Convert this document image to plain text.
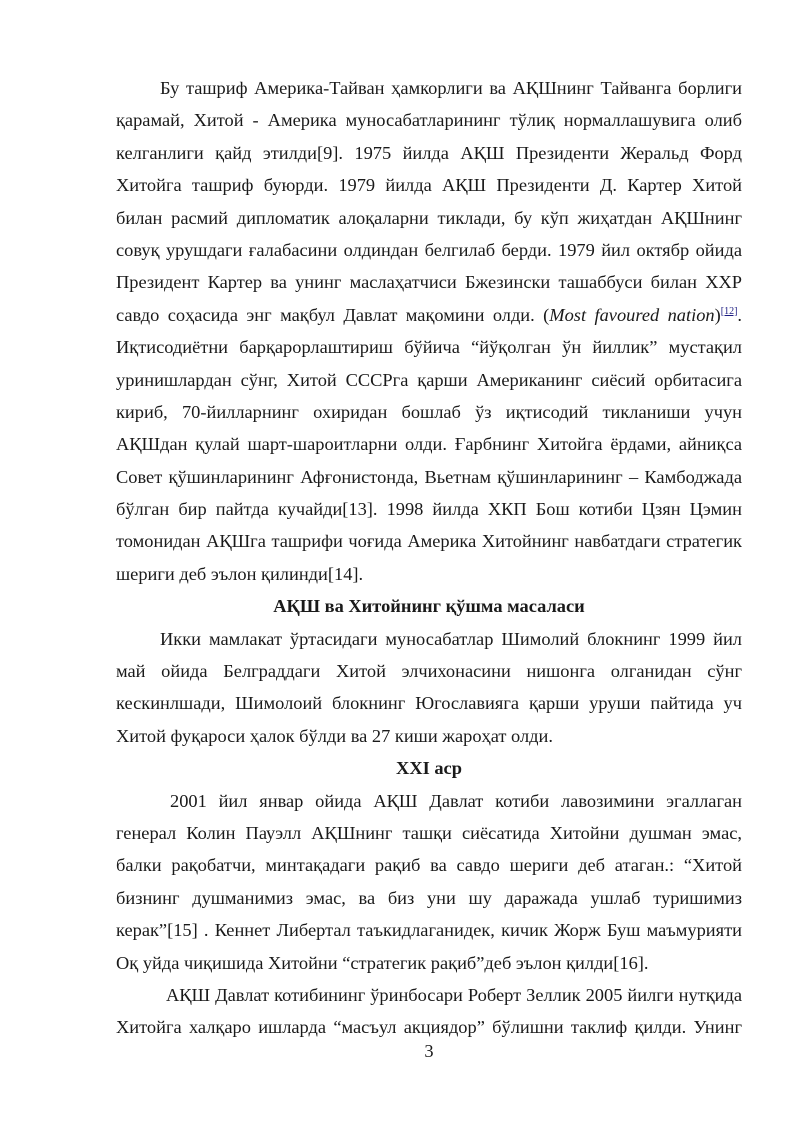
Бу ташриф Америка-Тайван ҳамкорлиги ва АҚШнинг Тайванга борлиги
қарамай, Хитой - Америка муносабатларининг тўлиқ нормаллашувига олиб
келганлиги қайд этилди[9]. 1975 йилда АҚШ Президенти Жеральд Форд
Хитойга ташриф буюрди. 1979 йилда АҚШ Президенти Д. Картер Хитой
билан расмий дипломатик алоқаларни тиклади, бу кўп жиҳатдан АҚШнинг
совуқ урушдаги ғалабасини олдиндан белгилаб берди. 1979 йил октябр ойида
Президент Картер ва унинг маслаҳатчиси Бжезински ташаббуси билан ХХР
савдо соҳасида энг мақбул Давлат мақомини олди. (Most favoured nation)[12].
Иқтисодиётни барқарорлаштириш бўйича “йўқолган ўн йиллик” мустақил
уринишлардан сўнг, Хитой СССРга қарши Американинг сиёсий орбитасига
кириб, 70-йилларнинг охиридан бошлаб ўз иқтисодий тикланиши учун
АҚШдан қулай шарт-шароитларни олди. Ғарбнинг Хитойга ёрдами, айниқса
Совет қўшинларининг Афғонистонда, Вьетнам қўшинларининг – Камбоджада
бўлган бир пайтда кучайди[13]. 1998 йилда ХКП Бош котиби Цзян Цэмин
томонидан АҚШга ташрифи чоғида Америка Хитойнинг навбатдаги стратегик
шериги деб эълон қилинди[14].
АҚШ ва Хитойнинг қўшма масаласи
Икки мамлакат ўртасидаги муносабатлар Шимолий блокнинг 1999 йил
май ойида Белграддаги Хитой элчихонасини нишонга олганидан сўнг
кескинлшади, Шимолоий блокнинг Югославияга қарши уруши пайтида уч
Хитой фуқароси ҳалок бўлди ва 27 киши жароҳат олди.
XXI аср
2001 йил январ ойида АҚШ Давлат котиби лавозимини эгаллаган
генерал Колин Пауэлл АҚШнинг ташқи сиёсатида Хитойни душман эмас,
балки рақобатчи, минтақадаги рақиб ва савдо шериги деб атаган.: “Хитой
бизнинг душманимиз эмас, ва биз уни шу даражада ушлаб туришимиз
керак”[15] . Кеннет Либертал таъкидлаганидек, кичик Жорж Буш маъмурияти
Оқ уйда чиқишида Хитойни “стратегик рақиб”деб эълон қилди[16].
АҚШ Давлат котибининг ўринбосари Роберт Зеллик 2005 йилги нутқида
Хитойга халқаро ишларда “масъул акциядор” бўлишни таклиф қилди. Унинг
3
